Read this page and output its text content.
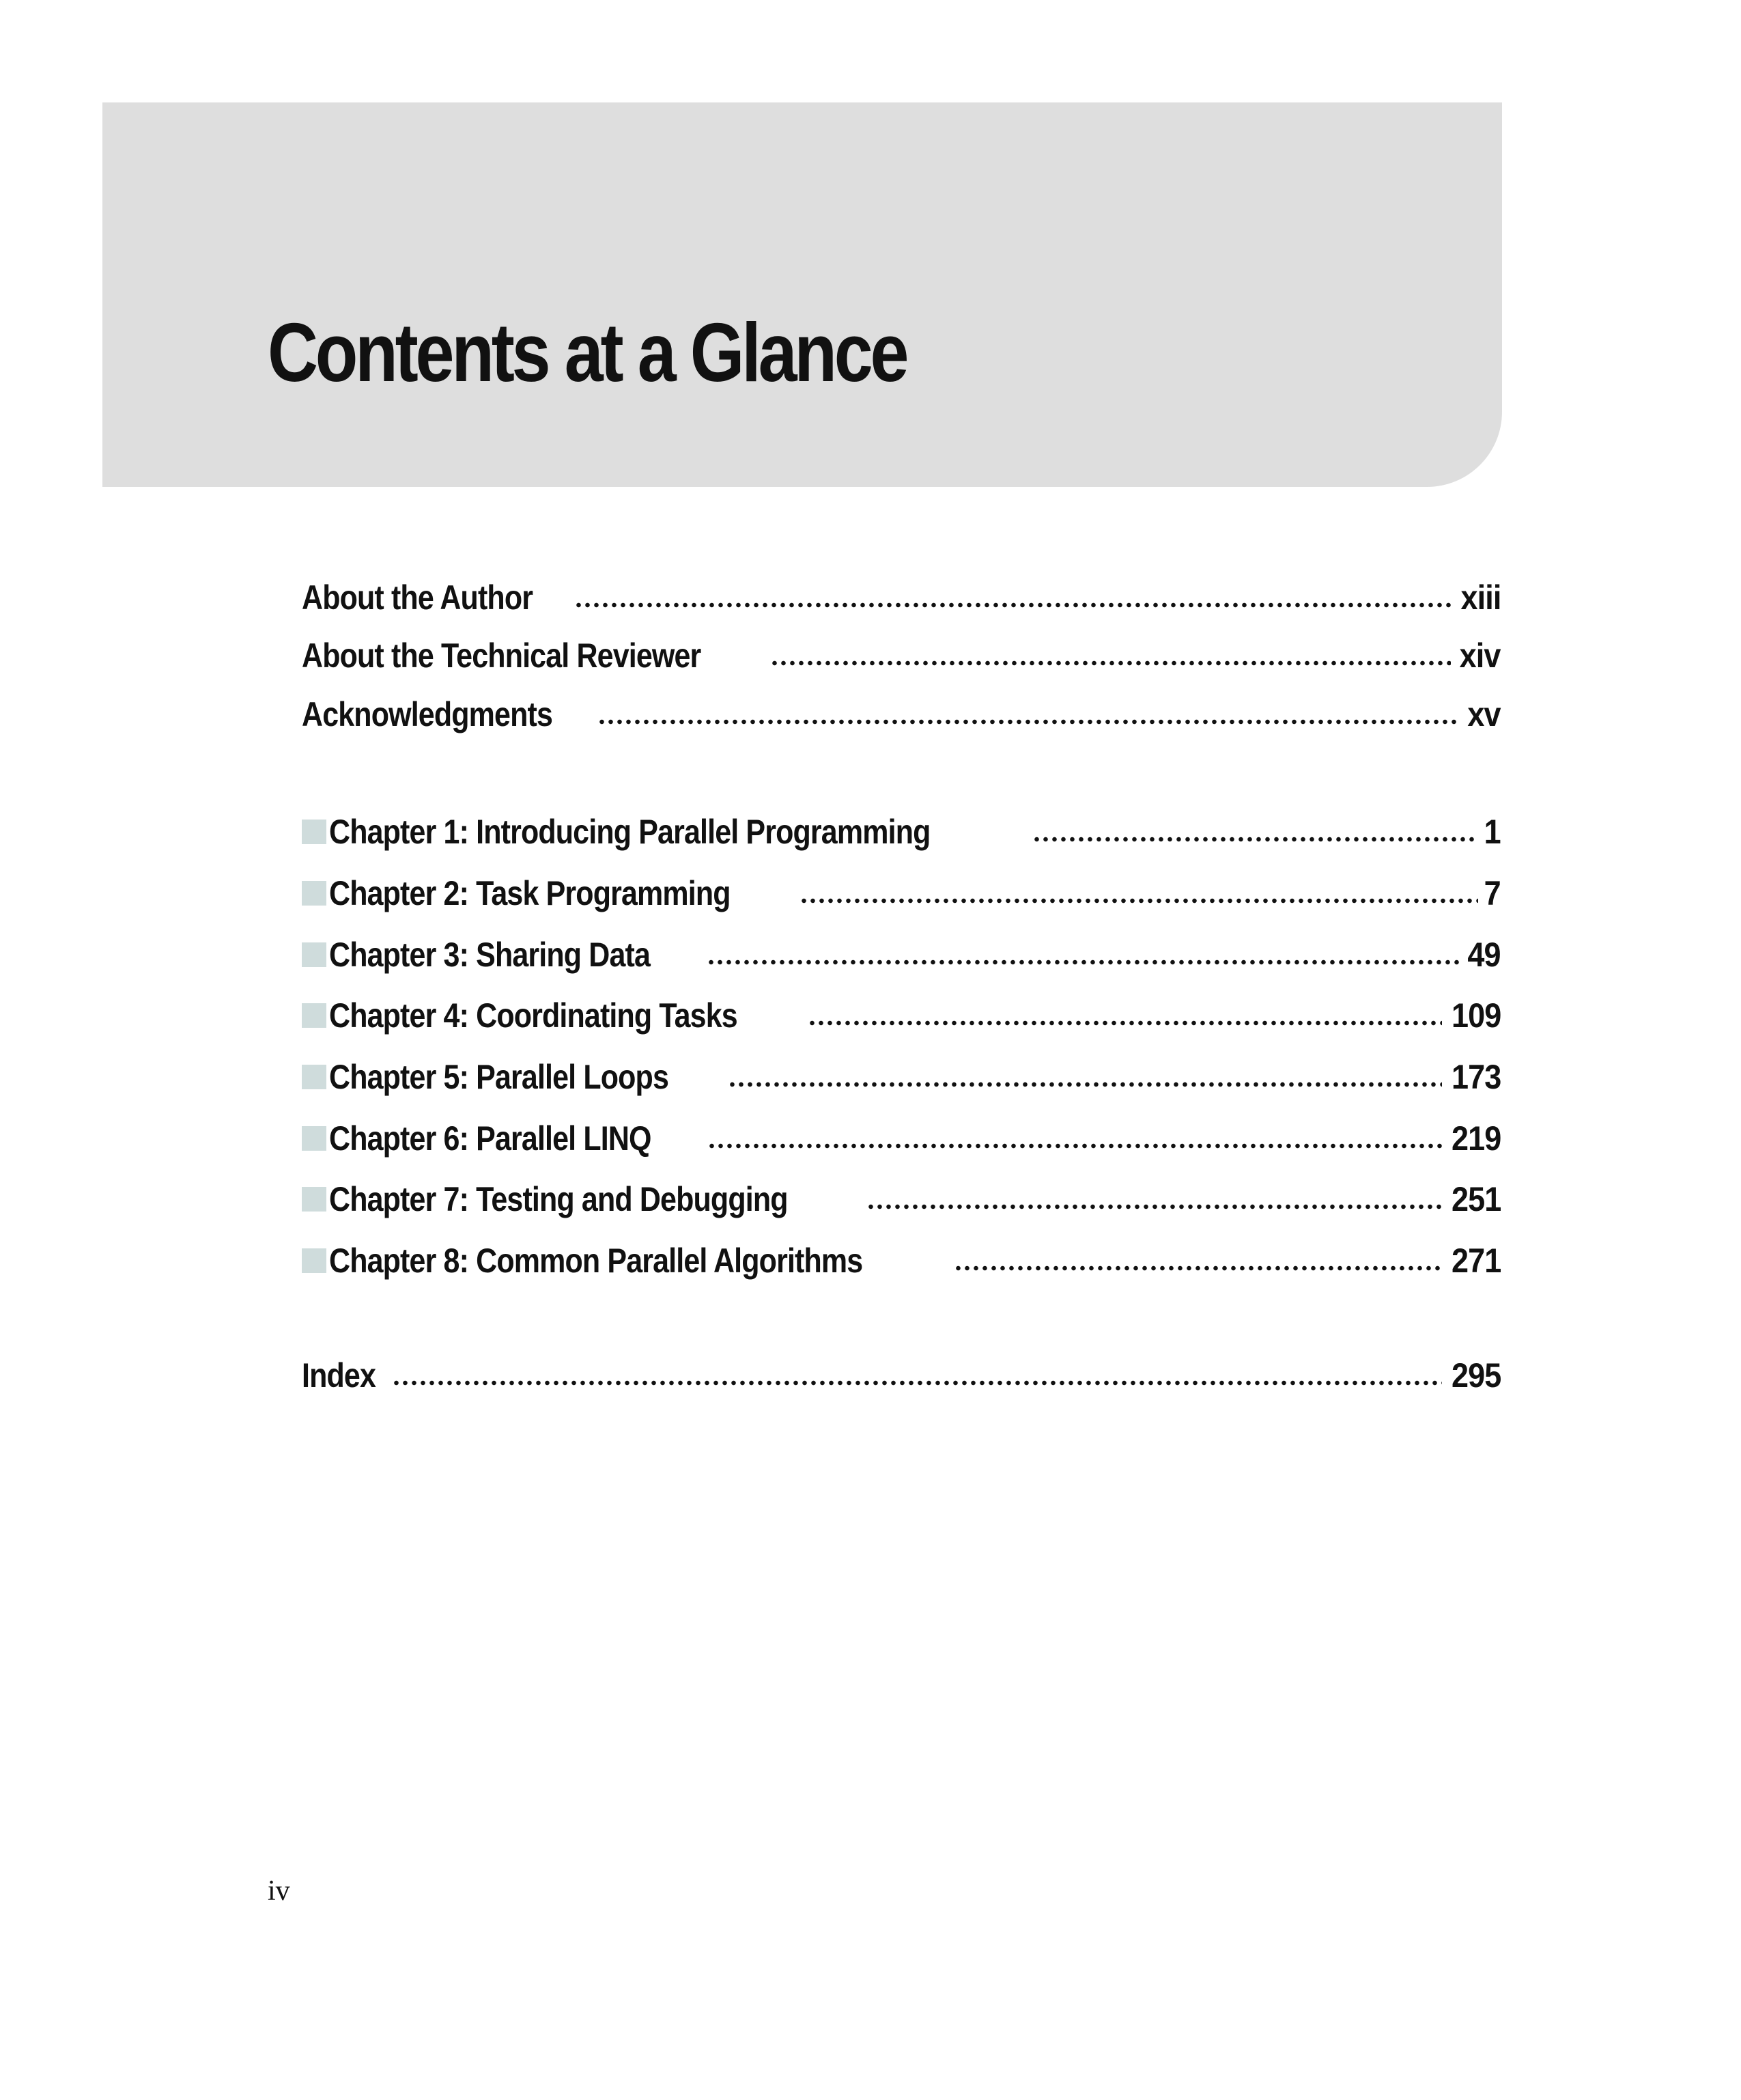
Contents at a Glance
About the Author	xiii
About the Technical Reviewer	xiv
Acknowledgments	xv
Chapter 1: Introducing Parallel Programming	1
Chapter 2: Task Programming	7
Chapter 3: Sharing Data	49
Chapter 4: Coordinating Tasks	109
Chapter 5: Parallel Loops	173
Chapter 6: Parallel LINQ	219
Chapter 7: Testing and Debugging	251
Chapter 8: Common Parallel Algorithms	271
Index	295
iv
